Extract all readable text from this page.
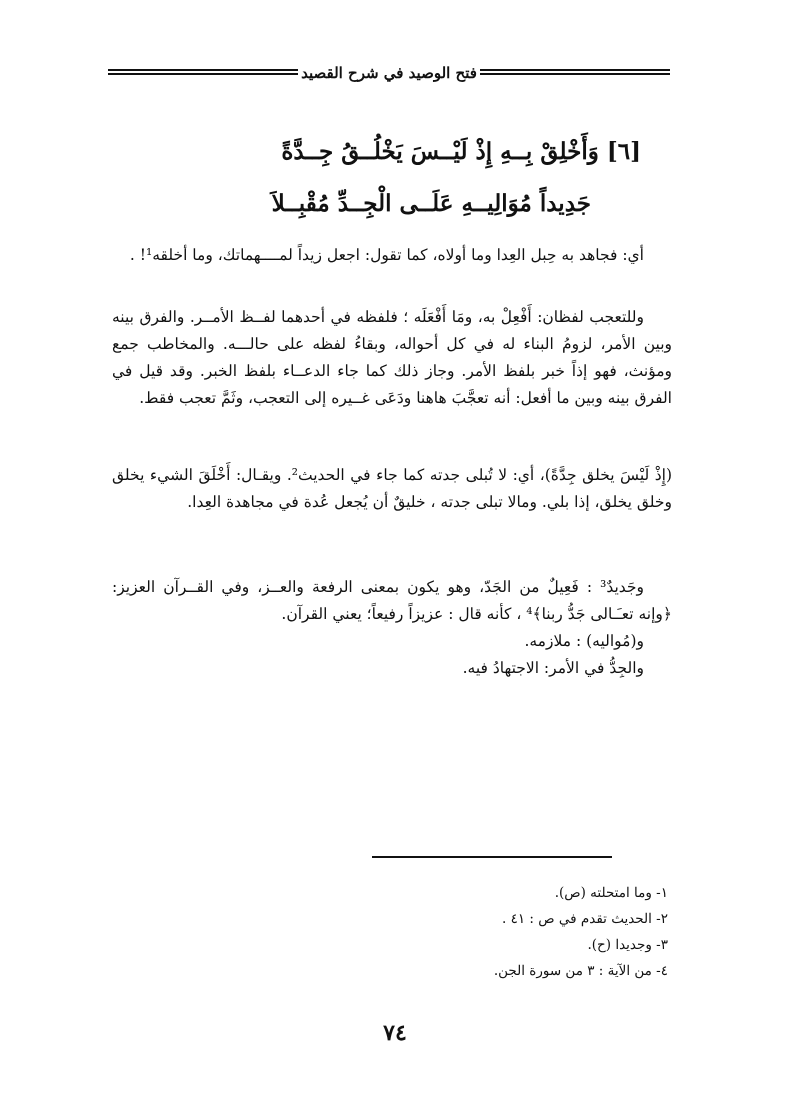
فتح الوصيد في شرح القصيد
[٦] وَأَخْلِقْ بِــهِ إِذْ لَيْــسَ يَخْلُــقُ جِــدَّةً
جَدِيداً مُوَالِيــهِ عَلَــى الْجِــدِّ مُقْبِــلاَ

أي: فجاهد به حِبل العِدا وما أولاه، كما تقول: اجعل زيداً لمــــهماتك، وما أخلقه¹! .

وللتعجب لفظان: أَفْعِلْ به، ومَا أَفْعَلَه ؛ فلفظه في أحدهما لفــظ الأمــر. والفرق بينه وبين الأمر، لزومُ البناء له في كل أحواله، وبقاءُ لفظه على حالـــه. والمخاطب جمع ومؤنث، فهو إذاً خبر بلفظ الأمر. وجاز ذلك كما جاء الدعــاء بلفظ الخبر. وقد قيل في الفرق بينه وبين ما أفعل: أنه تعجَّبَ هاهنا ودَعَى غــيره إلى التعجب، وثَمَّ تعجب فقط.

(إِذْ لَيْسَ يخلق جِدَّةً)، أي: لا تُبلى جدته كما جاء في الحديث². ويقـال: أَخْلَقَ الشيء يخلق وخلق يخلق، إذا بلي. ومالا تبلى جدته ، خليقٌ أن يُجعل عُدة في مجاهدة العِدا.

وجَديدٌ³ : فَعِيلٌ من الجَدّ، وهو يكون بمعنى الرفعة والعــز، وفي القــرآن العزيز: ﴿وإنه تعـَـالى جَدُّ ربنا﴾⁴ ، كأنه قال : عزيزاً رفيعاً؛ يعني القرآن.

و(مُواليه) : ملازمه.

والجِدُّ في الأمر: الاجتهادُ فيه.

١- وما امتحلته (ص).
٢- الحديث تقدم في ص : ٤١ .
٣- وجديدا (ح).
٤- من الآية : ٣ من سورة الجن.
٧٤
